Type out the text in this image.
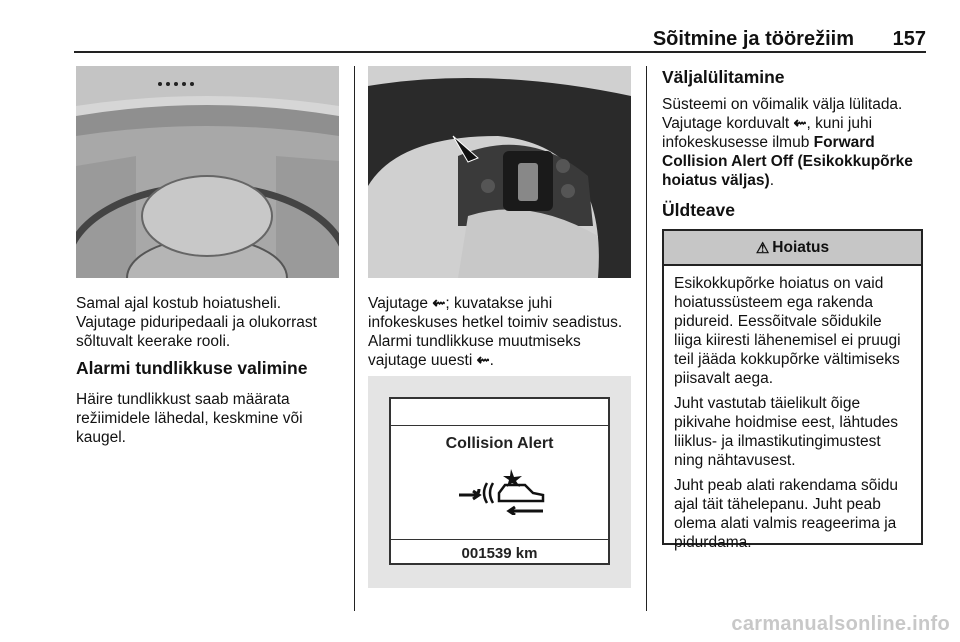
Sõitmine ja töörežiim 157
Samal ajal kostub hoiatusheli. Vajutage piduripedaali ja olukorrast sõltuvalt keerake rooli.
Alarmi tundlikkuse valimine
Häire tundlikkust saab määrata režiimidele lähedal, keskmine või kaugel.
Vajutage ⇜; kuvatakse juhi infokeskuses hetkel toimiv seadistus. Alarmi tundlikkuse muutmiseks vajutage uuesti ⇜.
Collision Alert
001539 km
Väljalülitamine
Süsteemi on võimalik välja lülitada. Vajutage korduvalt ⇜, kuni juhi infokeskusesse ilmub Forward Collision Alert Off (Esikokkupõrke hoiatus väljas).
Üldteave
⚠ Hoiatus

Esikokkupõrke hoiatus on vaid hoiatussüsteem ega rakenda pidureid. Eessõitvale sõidukile liiga kiiresti lähenemisel ei pruugi teil jääda kokkupõrke vältimiseks piisavalt aega.

Juht vastutab täielikult õige pikivahe hoidmise eest, lähtudes liiklus- ja ilmastikutingimustest ning nähtavusest.

Juht peab alati rakendama sõidu ajal täit tähelepanu. Juht peab olema alati valmis reageerima ja pidurdama.

carmanualsonline.info
